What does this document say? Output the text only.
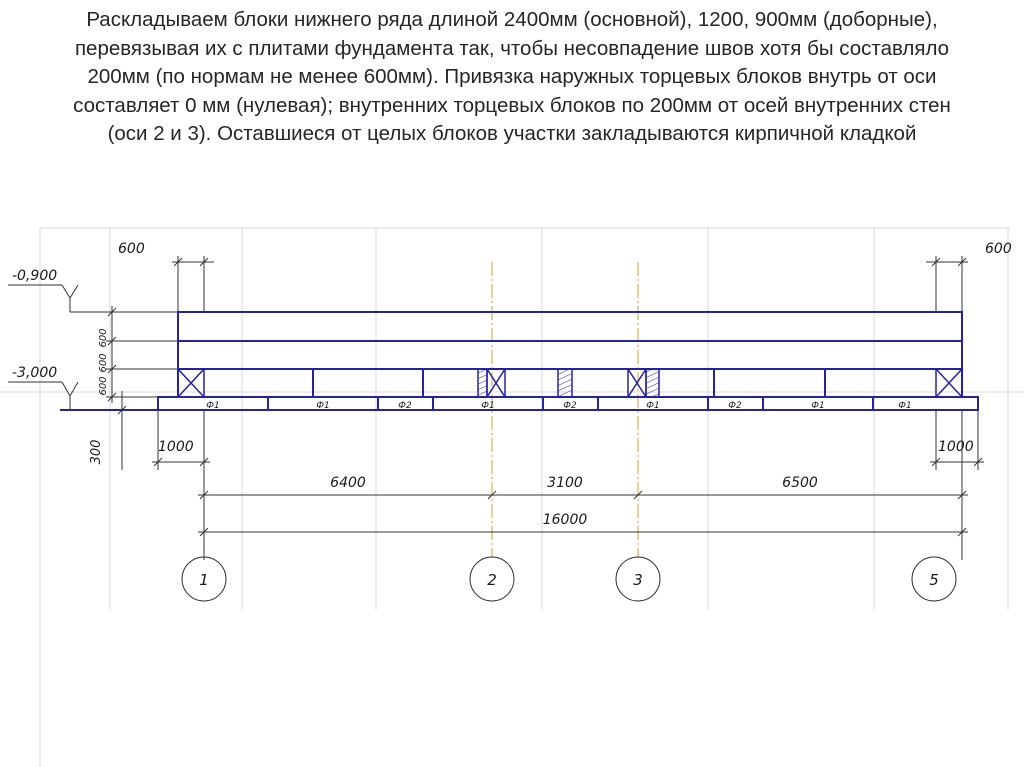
Раскладываем блоки нижнего ряда длиной 2400мм (основной), 1200, 900мм (доборные),
перевязывая их с плитами фундамента так, чтобы несовпадение швов хотя бы составляло
200мм (по нормам не менее 600мм). Привязка наружных торцевых блоков внутрь от оси
составляет 0 мм (нулевая); внутренних торцевых блоков по 200мм от осей внутренних стен
(оси 2 и 3). Оставшиеся от целых блоков участки закладываются кирпичной кладкой
Ф1	Ф1	Ф2	Ф1	Ф2	Ф1	Ф2	Ф1	Ф1
-0,900
-3,000
600
600
600
300
600	600
1000	1000
6400	3100	6500
16000
1	2	3	5
